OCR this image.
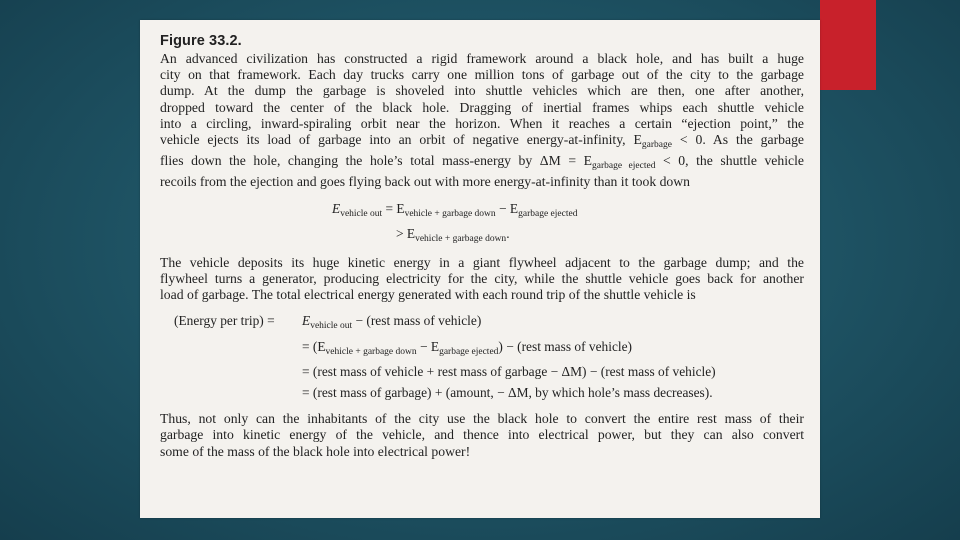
Figure 33.2.

An advanced civilization has constructed a rigid framework around a black hole, and has built a huge
city on that framework. Each day trucks carry one million tons of garbage out of the city to the garbage
dump. At the dump the garbage is shoveled into shuttle vehicles which are then, one after another,
dropped toward the center of the black hole. Dragging of inertial frames whips each shuttle vehicle
into a circling, inward-spiraling orbit near the horizon. When it reaches a certain “ejection point,” the
vehicle ejects its load of garbage into an orbit of negative energy-at-infinity, $E_{garbage} < 0$. As the garbage
flies down the hole, changing the hole’s total mass-energy by $\Delta M = E_{garbage ejected} < 0$, the shuttle vehicle
recoils from the ejection and goes flying back out with more energy-at-infinity than it took down

$E_{vehicle out} = E_{vehicle + garbage down} - E_{garbage ejected}$
> $E_{vehicle + garbage down}$.

The vehicle deposits its huge kinetic energy in a giant flywheel adjacent to the garbage dump; and the
flywheel turns a generator, producing electricity for the city, while the shuttle vehicle goes back for another
load of garbage. The total electrical energy generated with each round trip of the shuttle vehicle is

(Energy per trip) =	$E_{vehicle out}$ − (rest mass of vehicle)
= $(E_{vehicle + garbage down} - E_{garbage ejected})$ − (rest mass of vehicle)
= (rest mass of vehicle + rest mass of garbage − ΔM) − (rest mass of vehicle)
= (rest mass of garbage) + (amount, − ΔM, by which hole’s mass decreases).

Thus, not only can the inhabitants of the city use the black hole to convert the entire rest mass of their
garbage into kinetic energy of the vehicle, and thence into electrical power, but they can also convert
some of the mass of the black hole into electrical power!
